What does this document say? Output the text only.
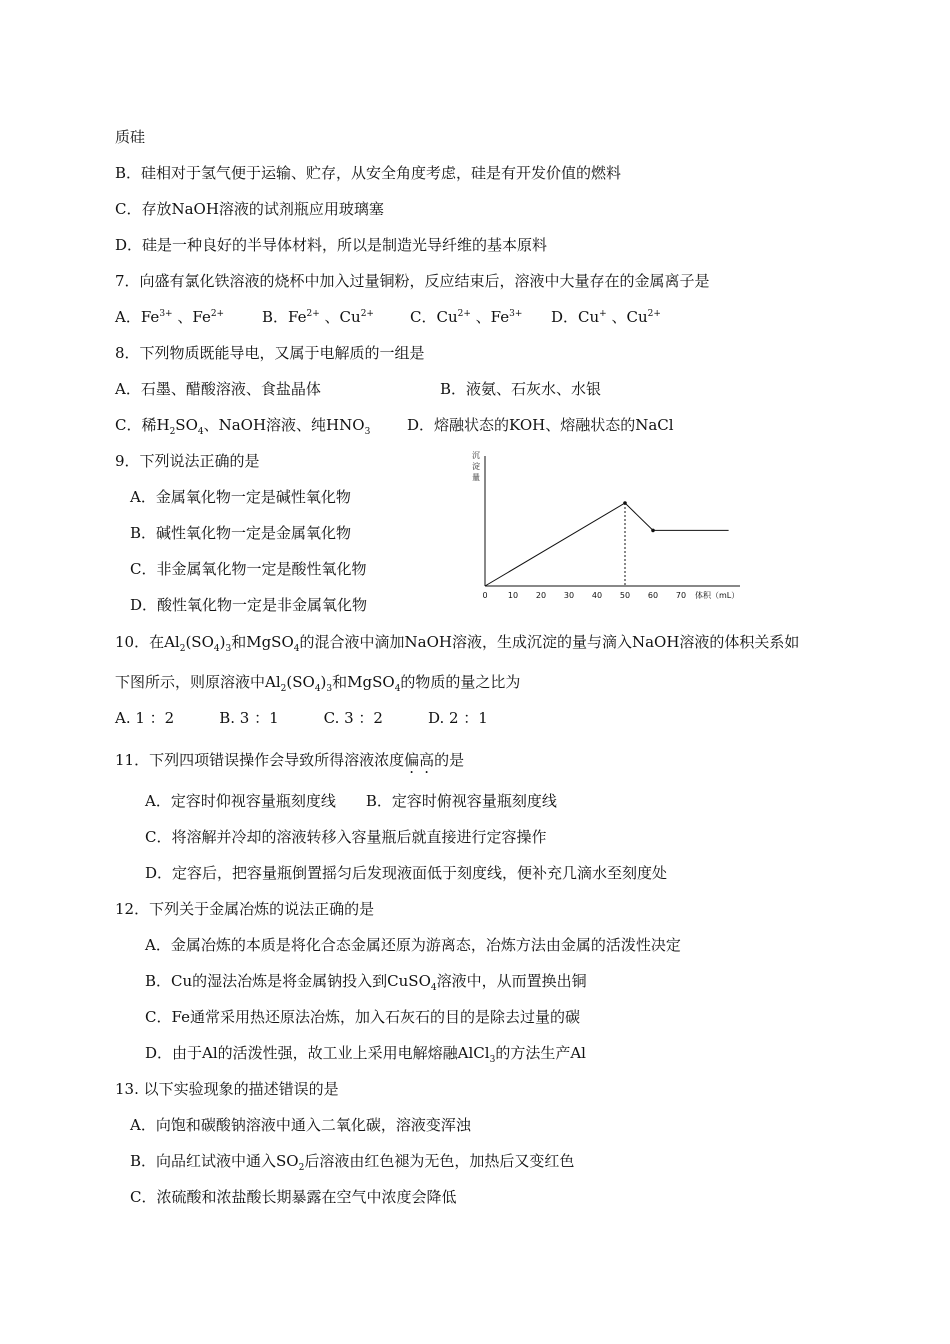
质硅
B．硅相对于氢气便于运输、贮存，从安全角度考虑，硅是有开发价值的燃料
C．存放NaOH溶液的试剂瓶应用玻璃塞
D．硅是一种良好的半导体材料，所以是制造光导纤维的基本原料
7．向盛有氯化铁溶液的烧杯中加入过量铜粉，反应结束后，溶液中大量存在的金属离子是
A．$Fe^{3+}$ 、$Fe^{2+}$	B．$Fe^{2+}$ 、$Cu^{2+}$ C．$Cu^{2+}$ 、$Fe^{3+}$ D．Cu+ 、$Cu^{2+}$
8．下列物质既能导电，又属于电解质的一组是
A．石墨、醋酸溶液、食盐晶体	B．液氨、石灰水、水银
C．稀$H_2SO_4$、NaOH溶液、纯$HNO_3$ D．熔融状态的KOH、熔融状态的NaCl
9．下列说法正确的是
A．金属氧化物一定是碱性氧化物
B．碱性氧化物一定是金属氧化物
C．非金属氧化物一定是酸性氧化物
D．酸性氧化物一定是非金属氧化物
沉淀量
0	10 20 30 40 50 60 70 体积（mL）
10．在$Al_2(SO_4)_3$和MgSO$_4$的混合液中滴加NaOH溶液，生成沉淀的量与滴入NaOH溶液的体积关系如
下图所示，则原溶液中$Al_2(SO_4)_3$和MgSO$_4$的物质的量之比为
A. 1 ：2　　　B. 3 ：1　　　C. 3 ：2　　　D. 2 ：1
11．下列四项错误操作会导致所得溶液浓度偏高的是
A．定容时仰视容量瓶刻度线　　B．定容时俯视容量瓶刻度线
C．将溶解并冷却的溶液转移入容量瓶后就直接进行定容操作
D．定容后，把容量瓶倒置摇匀后发现液面低于刻度线，便补充几滴水至刻度处
12．下列关于金属冶炼的说法正确的是
A．金属冶炼的本质是将化合态金属还原为游离态，冶炼方法由金属的活泼性决定
B．Cu的湿法冶炼是将金属钠投入到CuSO$_4$溶液中，从而置换出铜
C．Fe通常采用热还原法冶炼，加入石灰石的目的是除去过量的碳
D．由于Al的活泼性强，故工业上采用电解熔融AlCl$_3$的方法生产Al
13. 以下实验现象的描述错误的是
A．向饱和碳酸钠溶液中通入二氧化碳，溶液变浑浊
B．向品红试液中通入$SO_2$后溶液由红色褪为无色，加热后又变红色
C．浓硫酸和浓盐酸长期暴露在空气中浓度会降低
